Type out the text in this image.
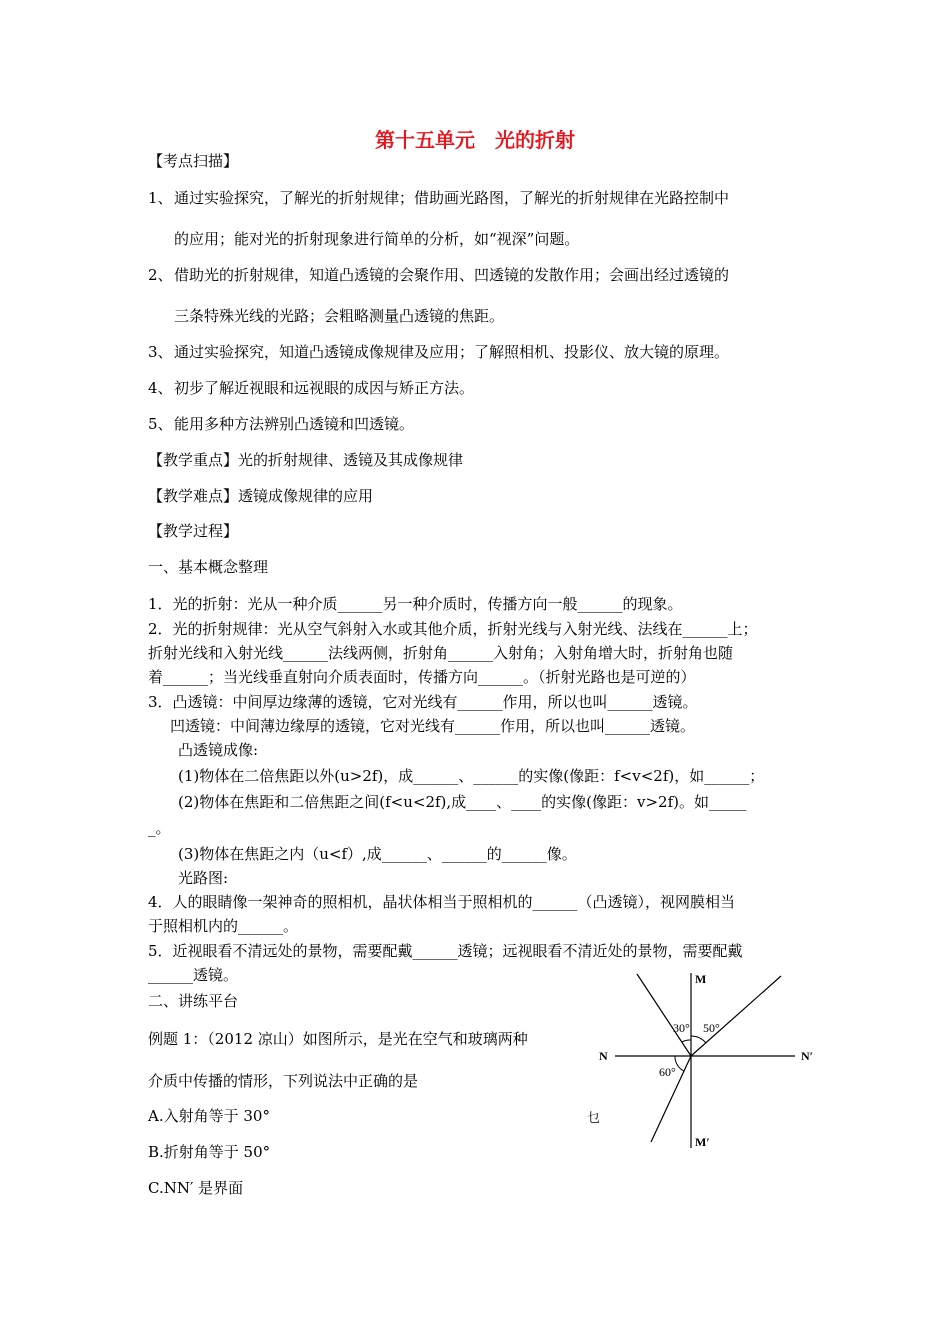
第十五单元　光的折射
【考点扫描】
1、 通过实验探究，了解光的折射规律；借助画光路图，了解光的折射规律在光路控制中
的应用；能对光的折射现象进行简单的分析，如“视深”问题。
2、 借助光的折射规律，知道凸透镜的会聚作用、凹透镜的发散作用；会画出经过透镜的
三条特殊光线的光路；会粗略测量凸透镜的焦距。
3、 通过实验探究，知道凸透镜成像规律及应用；了解照相机、投影仪、放大镜的原理。
4、 初步了解近视眼和远视眼的成因与矫正方法。
5、 能用多种方法辨别凸透镜和凹透镜。
【教学重点】光的折射规律、透镜及其成像规律
【教学难点】透镜成像规律的应用
【教学过程】
一、基本概念整理
1．光的折射：光从一种介质______另一种介质时，传播方向一般______的现象。
2．光的折射规律：光从空气斜射入水或其他介质，折射光线与入射光线、法线在______上；
折射光线和入射光线______法线两侧，折射角______入射角；入射角增大时，折射角也随
着______；当光线垂直射向介质表面时，传播方向______。（折射光路也是可逆的）
3．凸透镜：中间厚边缘薄的透镜，它对光线有______作用，所以也叫______透镜。
凹透镜：中间薄边缘厚的透镜，它对光线有______作用，所以也叫______透镜。
凸透镜成像:
(1)物体在二倍焦距以外(u>2f)，成______、______的实像(像距：f<v<2f)，如______；
(2)物体在焦距和二倍焦距之间(f<u<2f),成____、____的实像(像距：v>2f)。如_____
_。
(3)物体在焦距之内（u<f）,成______、______的______像。
光路图:
4．人的眼睛像一架神奇的照相机，晶状体相当于照相机的______（凸透镜），视网膜相当
于照相机内的______。
5．近视眼看不清远处的景物，需要配戴______透镜；远视眼看不清近处的景物，需要配戴
______透镜。
二、讲练平台
例题 1：（2012 凉山）如图所示，是光在空气和玻璃两种
介质中传播的情形，下列说法中正确的是
A.入射角等于 30°
B.折射角等于 50°
C.NN′ 是界面
M
M′
N	N′
30° 50°
60°
乜
